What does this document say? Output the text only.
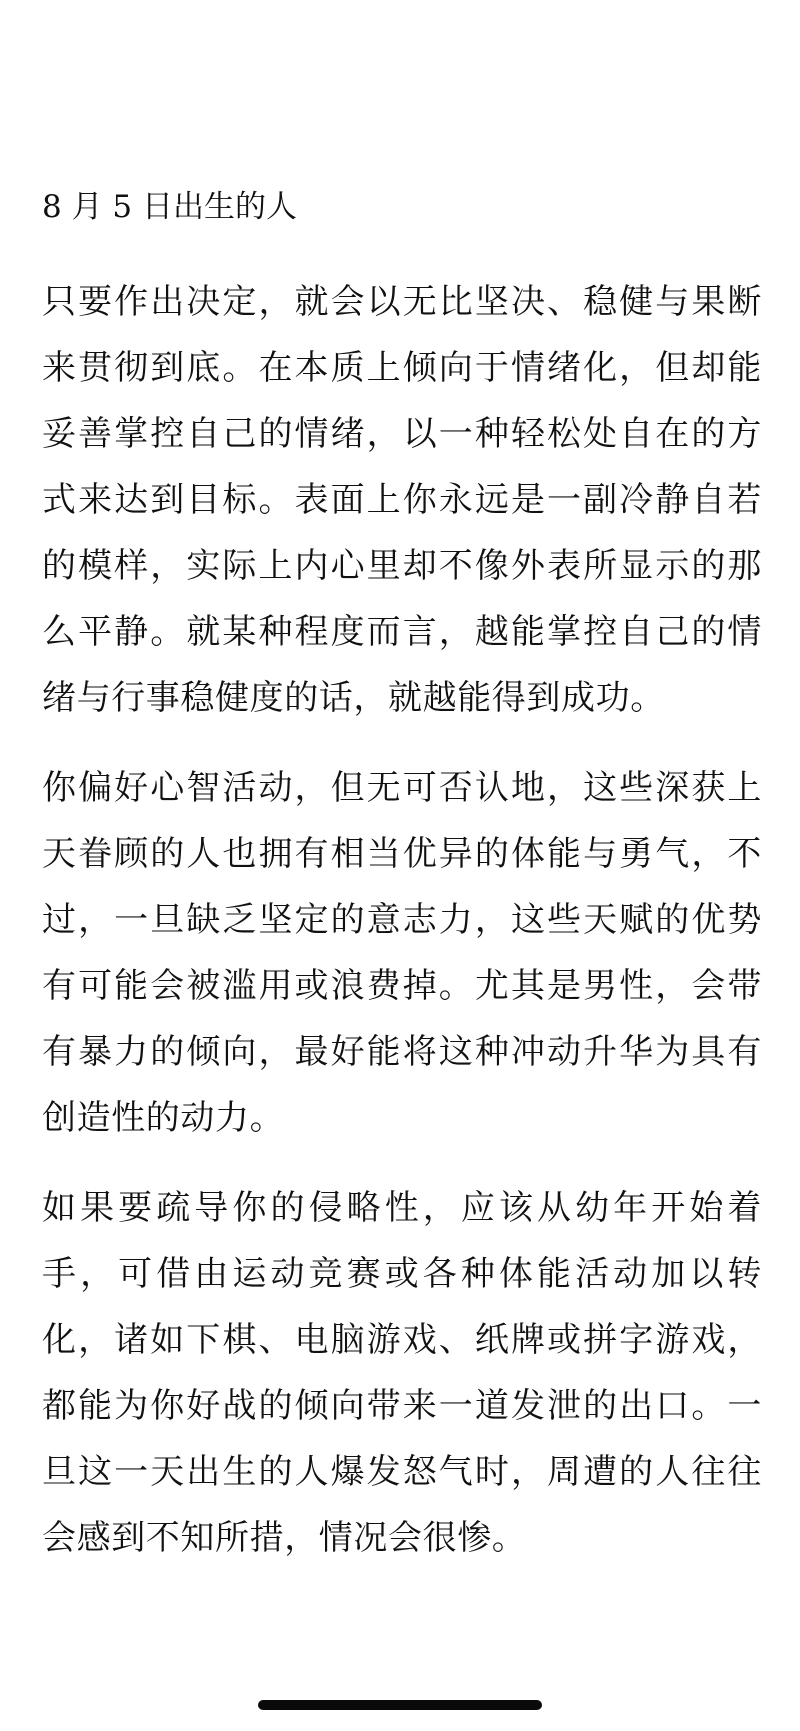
8 月 5 日出生的人

只要作出决定，就会以无比坚决、稳健与果断来贯彻到底。在本质上倾向于情绪化，但却能妥善掌控自己的情绪，以一种轻松处自在的方式来达到目标。表面上你永远是一副冷静自若的模样，实际上内心里却不像外表所显示的那么平静。就某种程度而言，越能掌控自己的情绪与行事稳健度的话，就越能得到成功。

你偏好心智活动，但无可否认地，这些深获上天眷顾的人也拥有相当优异的体能与勇气，不过，一旦缺乏坚定的意志力，这些天赋的优势有可能会被滥用或浪费掉。尤其是男性，会带有暴力的倾向，最好能将这种冲动升华为具有创造性的动力。

如果要疏导你的侵略性，应该从幼年开始着手，可借由运动竞赛或各种体能活动加以转化，诸如下棋、电脑游戏、纸牌或拼字游戏，都能为你好战的倾向带来一道发泄的出口。一旦这一天出生的人爆发怒气时，周遭的人往往会感到不知所措，情况会很惨。
